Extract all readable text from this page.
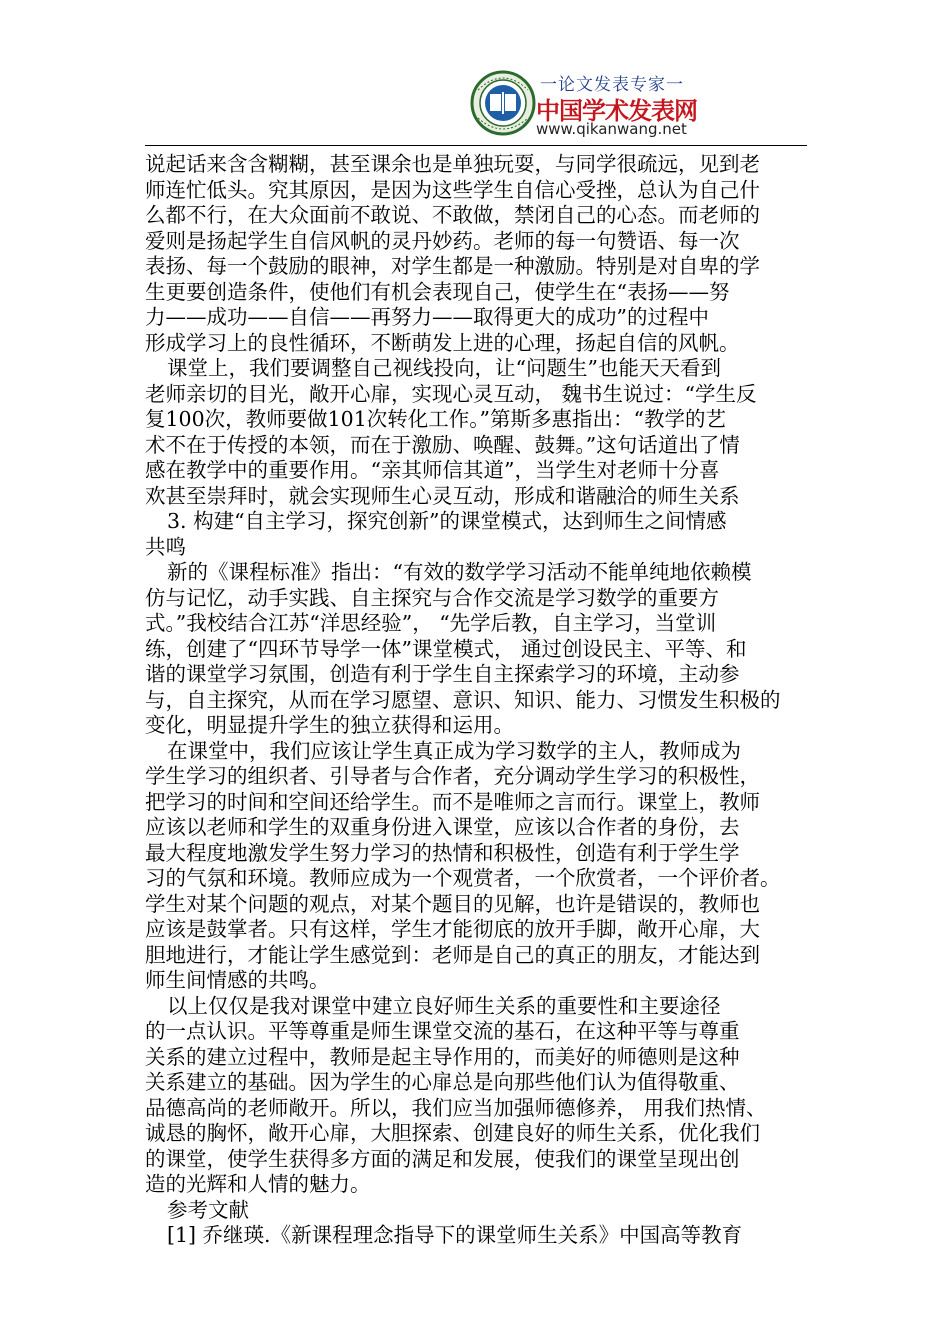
一论文发表专家一
中国学术发表网
www.qikanwang.net
说起话来含含糊糊，甚至课余也是单独玩耍，与同学很疏远，见到老
师连忙低头。究其原因，是因为这些学生自信心受挫，总认为自己什
么都不行，在大众面前不敢说、不敢做，禁闭自己的心态。而老师的
爱则是扬起学生自信风帆的灵丹妙药。老师的每一句赞语、每一次
表扬、每一个鼓励的眼神，对学生都是一种激励。特别是对自卑的学
生更要创造条件，使他们有机会表现自己，使学生在“表扬——努
力——成功——自信——再努力——取得更大的成功”的过程中
形成学习上的良性循环，不断萌发上进的心理，扬起自信的风帆。
课堂上，我们要调整自己视线投向，让“问题生”也能天天看到
老师亲切的目光，敞开心扉，实现心灵互动， 魏书生说过：“学生反
复100次，教师要做101次转化工作。”第斯多惠指出：“教学的艺
术不在于传授的本领，而在于激励、唤醒、鼓舞。”这句话道出了情
感在教学中的重要作用。“亲其师信其道”，当学生对老师十分喜
欢甚至崇拜时，就会实现师生心灵互动，形成和谐融洽的师生关系
3. 构建“自主学习，探究创新”的课堂模式，达到师生之间情感
共鸣
新的《课程标准》指出：“有效的数学学习活动不能单纯地依赖模
仿与记忆，动手实践、自主探究与合作交流是学习数学的重要方
式。”我校结合江苏“洋思经验”， “先学后教，自主学习，当堂训
练，创建了“四环节导学一体”课堂模式， 通过创设民主、平等、和
谐的课堂学习氛围，创造有利于学生自主探索学习的环境，主动参
与，自主探究，从而在学习愿望、意识、知识、能力、习惯发生积极的
变化，明显提升学生的独立获得和运用。
在课堂中，我们应该让学生真正成为学习数学的主人，教师成为
学生学习的组织者、引导者与合作者，充分调动学生学习的积极性，
把学习的时间和空间还给学生。而不是唯师之言而行。课堂上，教师
应该以老师和学生的双重身份进入课堂，应该以合作者的身份，去
最大程度地激发学生努力学习的热情和积极性，创造有利于学生学
习的气氛和环境。教师应成为一个观赏者，一个欣赏者，一个评价者。
学生对某个问题的观点，对某个题目的见解，也许是错误的，教师也
应该是鼓掌者。只有这样，学生才能彻底的放开手脚，敞开心扉，大
胆地进行，才能让学生感觉到：老师是自己的真正的朋友，才能达到
师生间情感的共鸣。
以上仅仅是我对课堂中建立良好师生关系的重要性和主要途径
的一点认识。平等尊重是师生课堂交流的基石，在这种平等与尊重
关系的建立过程中，教师是起主导作用的，而美好的师德则是这种
关系建立的基础。因为学生的心扉总是向那些他们认为值得敬重、
品德高尚的老师敞开。所以，我们应当加强师德修养， 用我们热情、
诚恳的胸怀，敞开心扉，大胆探索、创建良好的师生关系，优化我们
的课堂，使学生获得多方面的满足和发展，使我们的课堂呈现出创
造的光辉和人情的魅力。
参考文献
[1] 乔继瑛.《新课程理念指导下的课堂师生关系》中国高等教育
